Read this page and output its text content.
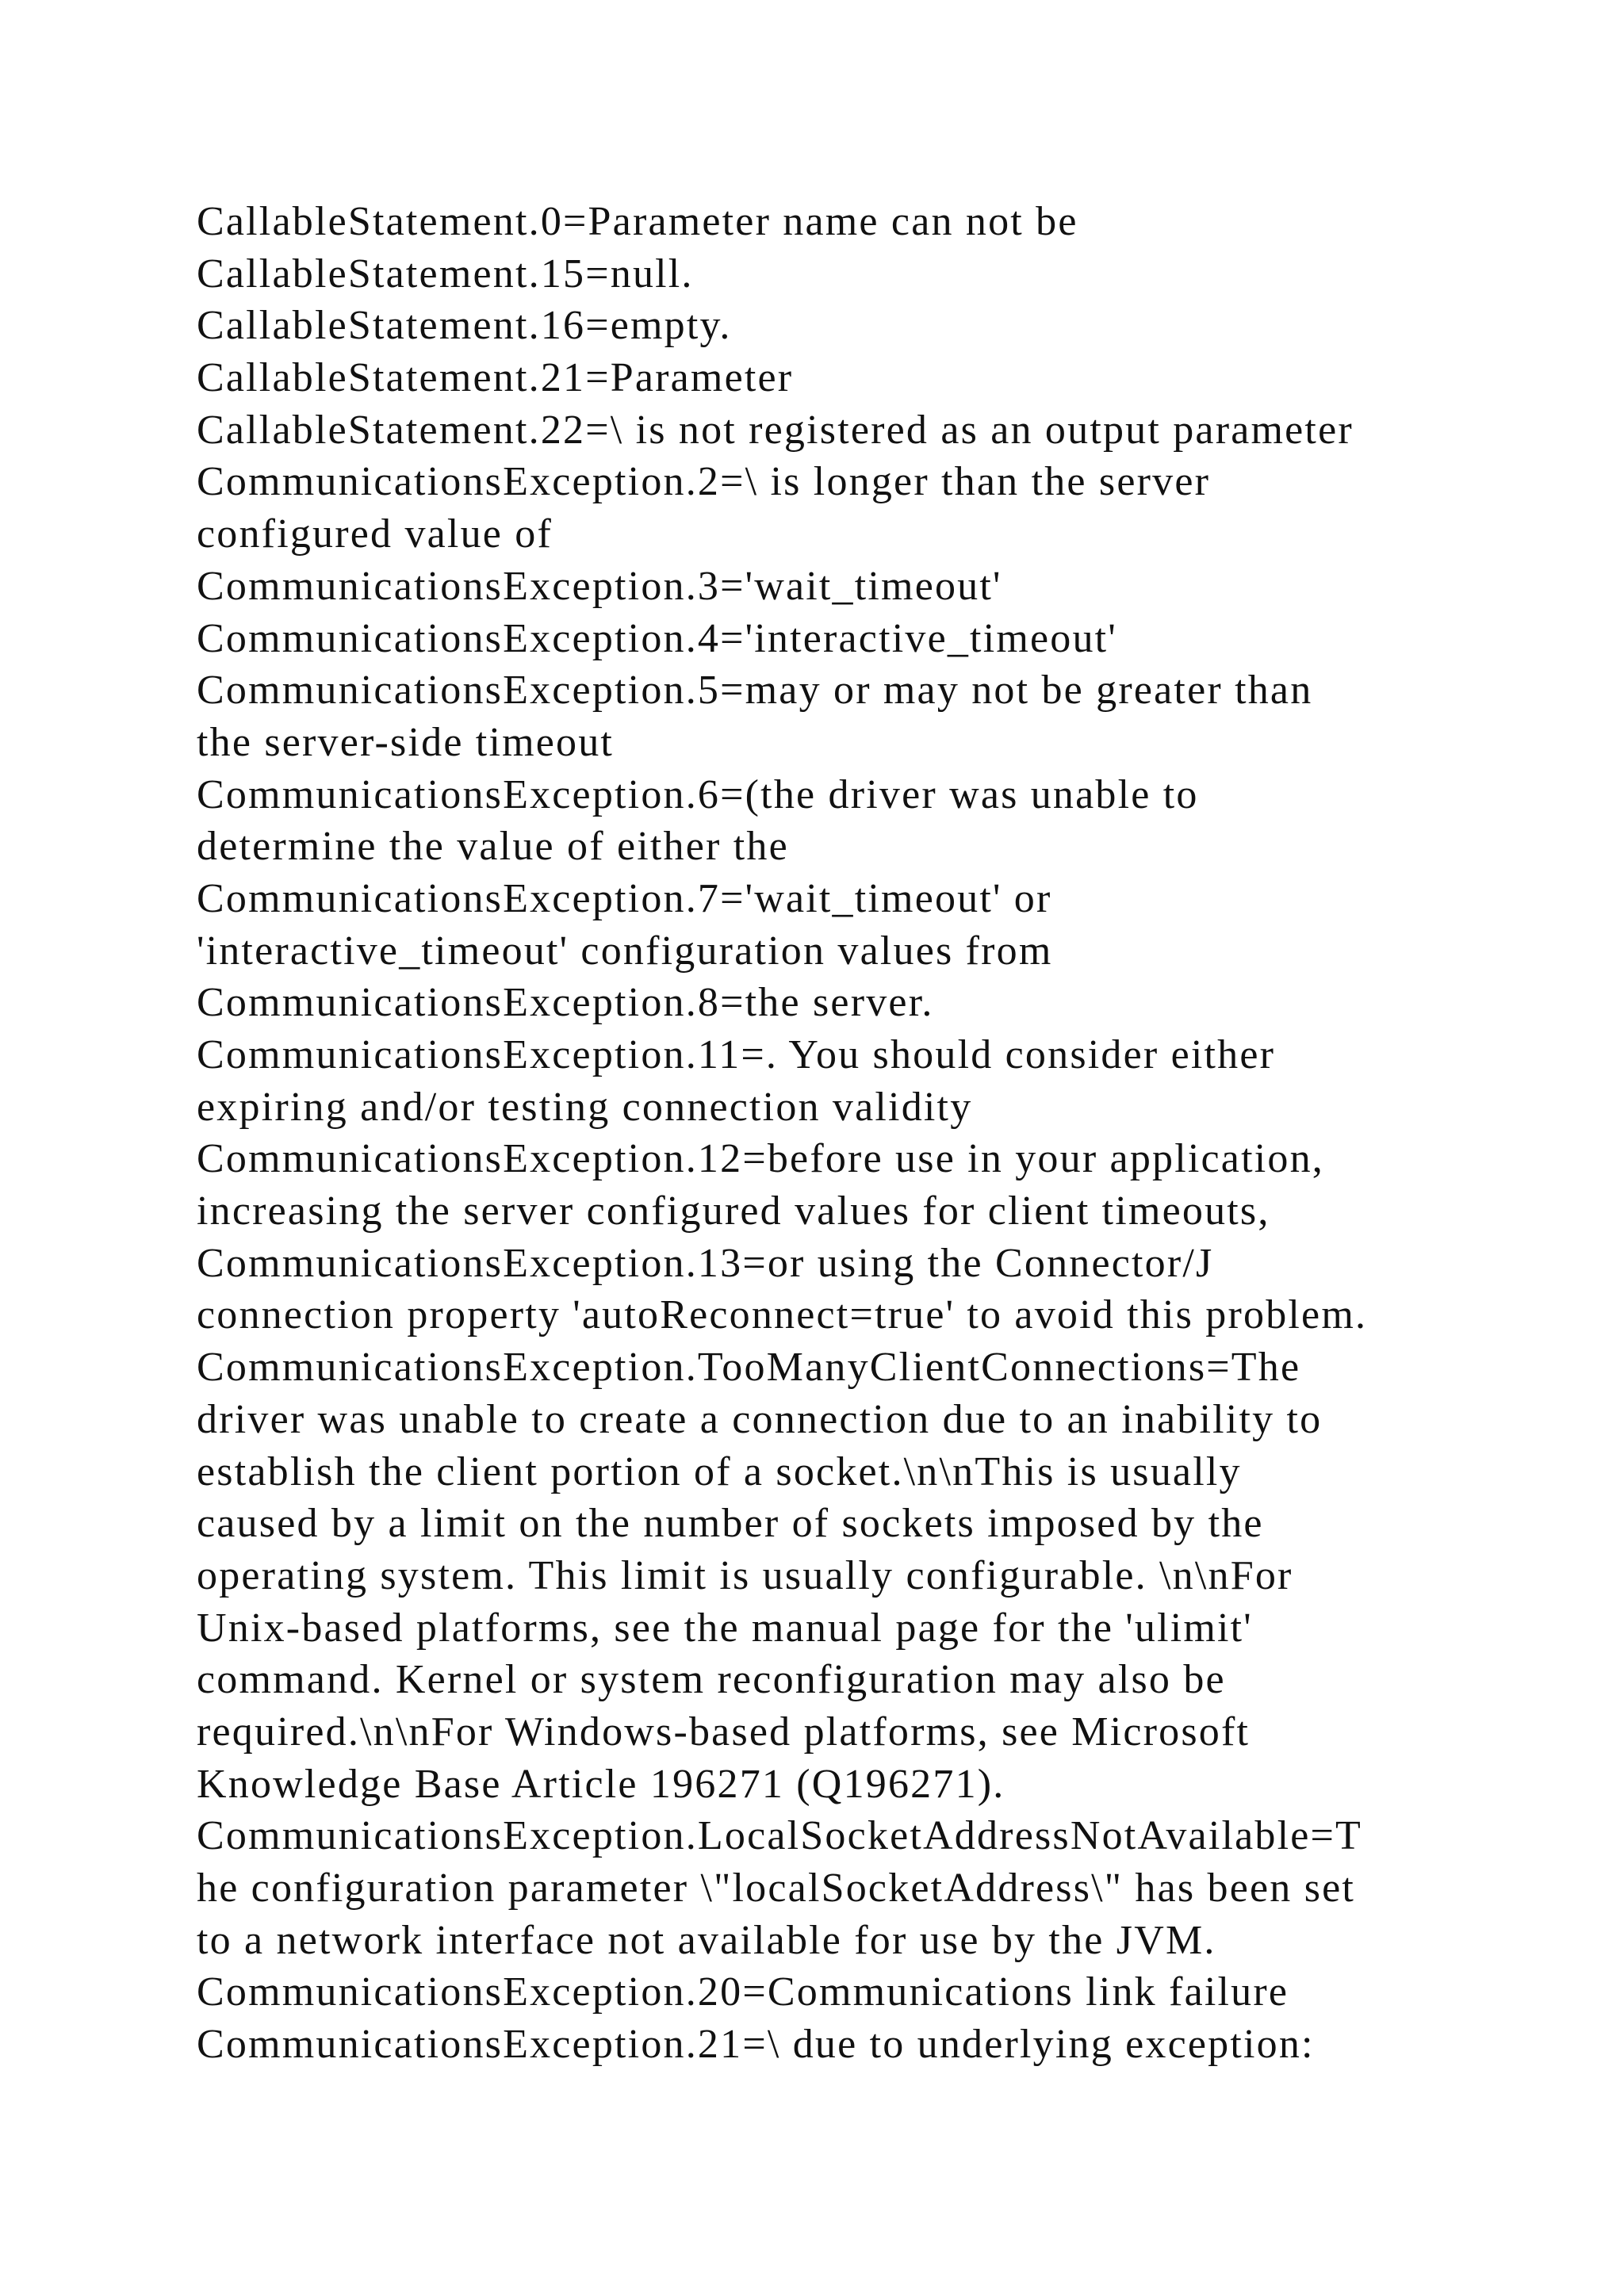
CallableStatement.0=Parameter name can not be
CallableStatement.15=null.
CallableStatement.16=empty.
CallableStatement.21=Parameter
CallableStatement.22=\ is not registered as an output parameter
CommunicationsException.2=\ is longer than the server
configured value of
CommunicationsException.3='wait_timeout'
CommunicationsException.4='interactive_timeout'
CommunicationsException.5=may or may not be greater than
the server-side timeout
CommunicationsException.6=(the driver was unable to
determine the value of either the
CommunicationsException.7='wait_timeout' or
'interactive_timeout' configuration values from
CommunicationsException.8=the server.
CommunicationsException.11=. You should consider either
expiring and/or testing connection validity
CommunicationsException.12=before use in your application,
increasing the server configured values for client timeouts,
CommunicationsException.13=or using the Connector/J
connection property 'autoReconnect=true' to avoid this problem.
CommunicationsException.TooManyClientConnections=The
driver was unable to create a connection due to an inability to
establish the client portion of a socket.\n\nThis is usually
caused by a limit on the number of sockets imposed by the
operating system. This limit is usually configurable. \n\nFor
Unix-based platforms, see the manual page for the 'ulimit'
command. Kernel or system reconfiguration may also be
required.\n\nFor Windows-based platforms, see Microsoft
Knowledge Base Article 196271 (Q196271).
CommunicationsException.LocalSocketAddressNotAvailable=T
he configuration parameter \"localSocketAddress\" has been set
to a network interface not available for use by the JVM.
CommunicationsException.20=Communications link failure
CommunicationsException.21=\ due to underlying exception:
